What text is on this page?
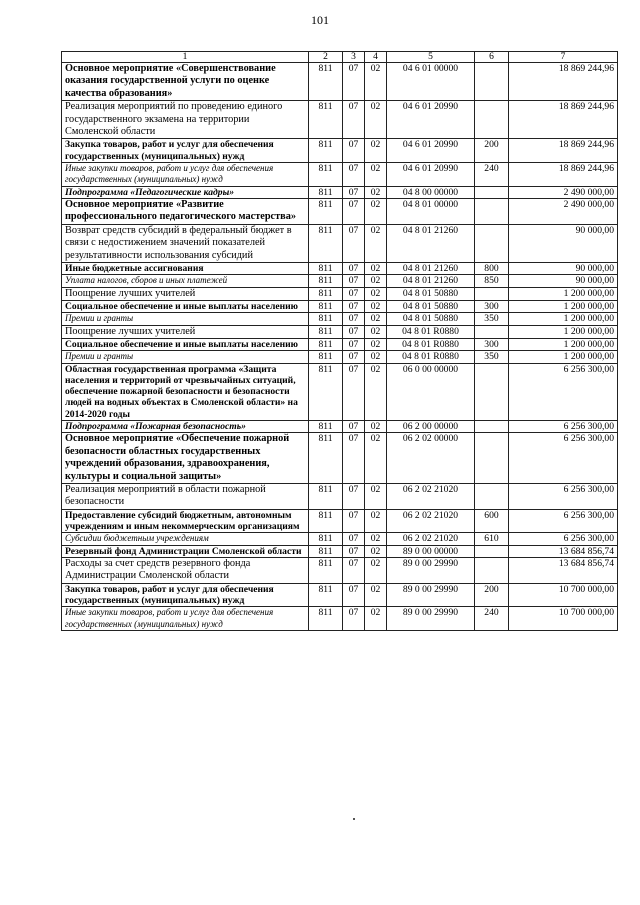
101
1	2	3	4	5	6	7
Основное мероприятие «Совершенствование оказания государственной услуги по оценке качества образования»	811	07	02	04 6 01 00000		18 869 244,96
Реализация мероприятий по проведению единого государственного экзамена на территории Смоленской области	811	07	02	04 6 01 20990		18 869 244,96
Закупка товаров, работ и услуг для обеспечения государственных (муниципальных) нужд	811	07	02	04 6 01 20990	200	18 869 244,96
Иные закупки товаров, работ и услуг для обеспечения государственных (муниципальных) нужд	811	07	02	04 6 01 20990	240	18 869 244,96
Подпрограмма «Педагогические кадры»	811	07	02	04 8 00 00000		2 490 000,00
Основное мероприятие «Развитие профессионального педагогического мастерства»	811	07	02	04 8 01 00000		2 490 000,00
Возврат средств субсидий в федеральный бюджет в связи с недостижением значений показателей результативности использования субсидий	811	07	02	04 8 01 21260		90 000,00
Иные бюджетные ассигнования	811	07	02	04 8 01 21260	800	90 000,00
Уплата налогов, сборов и иных платежей	811	07	02	04 8 01 21260	850	90 000,00
Поощрение лучших учителей	811	07	02	04 8 01 50880		1 200 000,00
Социальное обеспечение и иные выплаты населению	811	07	02	04 8 01 50880	300	1 200 000,00
Премии и гранты	811	07	02	04 8 01 50880	350	1 200 000,00
Поощрение лучших учителей	811	07	02	04 8 01 R0880		1 200 000,00
Социальное обеспечение и иные выплаты населению	811	07	02	04 8 01 R0880	300	1 200 000,00
Премии и гранты	811	07	02	04 8 01 R0880	350	1 200 000,00
Областная государственная программа «Защита населения и территорий от чрезвычайных ситуаций, обеспечение пожарной безопасности и безопасности людей на водных объектах в Смоленской области» на 2014-2020 годы	811	07	02	06 0 00 00000		6 256 300,00
Подпрограмма «Пожарная безопасность»	811	07	02	06 2 00 00000		6 256 300,00
Основное мероприятие «Обеспечение пожарной безопасности областных государственных учреждений образования, здравоохранения, культуры и социальной защиты»	811	07	02	06 2 02 00000		6 256 300,00
Реализация мероприятий в области пожарной безопасности	811	07	02	06 2 02 21020		6 256 300,00
Предоставление субсидий бюджетным, автономным учреждениям и иным некоммерческим организациям	811	07	02	06 2 02 21020	600	6 256 300,00
Субсидии бюджетным учреждениям	811	07	02	06 2 02 21020	610	6 256 300,00
Резервный фонд Администрации Смоленской области	811	07	02	89 0 00 00000		13 684 856,74
Расходы за счет средств резервного фонда Администрации Смоленской области	811	07	02	89 0 00 29990		13 684 856,74
Закупка товаров, работ и услуг для обеспечения государственных (муниципальных) нужд	811	07	02	89 0 00 29990	200	10 700 000,00
Иные закупки товаров, работ и услуг для обеспечения государственных (муниципальных) нужд	811	07	02	89 0 00 29990	240	10 700 000,00
